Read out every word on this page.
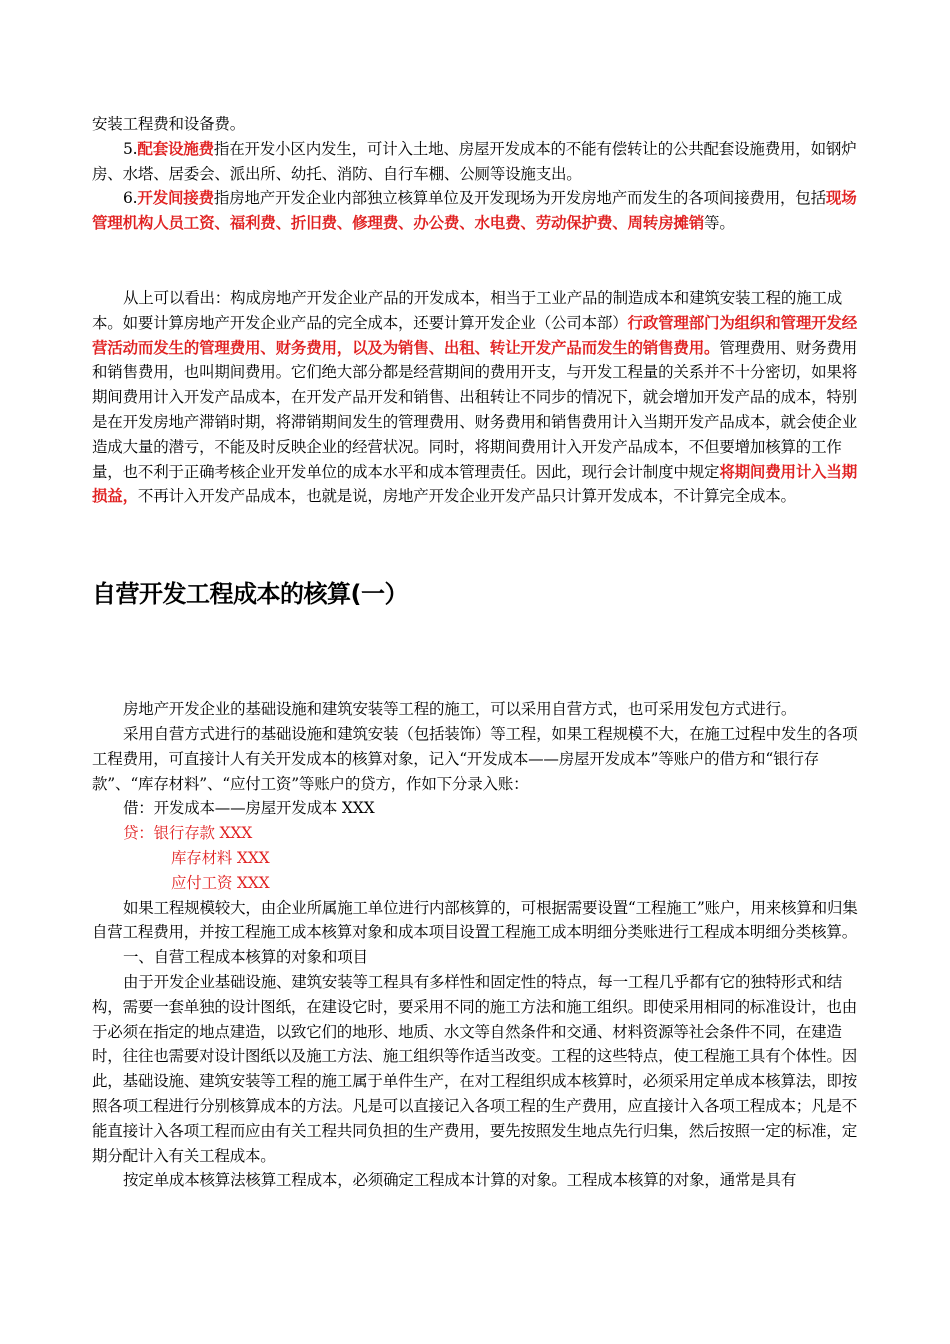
安装工程费和设备费。

5.配套设施费指在开发小区内发生，可计入土地、房屋开发成本的不能有偿转让的公共配套设施费用，如钢炉房、水塔、居委会、派出所、幼托、消防、自行车棚、公厕等设施支出。

6.开发间接费指房地产开发企业内部独立核算单位及开发现场为开发房地产而发生的各项间接费用，包括现场管理机构人员工资、福利费、折旧费、修理费、办公费、水电费、劳动保护费、周转房摊销等。

从上可以看出：构成房地产开发企业产品的开发成本，相当于工业产品的制造成本和建筑安装工程的施工成本。如要计算房地产开发企业产品的完全成本，还要计算开发企业（公司本部）行政管理部门为组织和管理开发经营活动而发生的管理费用、财务费用，以及为销售、出租、转让开发产品而发生的销售费用。管理费用、财务费用和销售费用，也叫期间费用。它们绝大部分都是经营期间的费用开支，与开发工程量的关系并不十分密切，如果将期间费用计入开发产品成本，在开发产品开发和销售、出租转让不同步的情况下，就会增加开发产品的成本，特别是在开发房地产滞销时期，将滞销期间发生的管理费用、财务费用和销售费用计入当期开发产品成本，就会使企业造成大量的潜亏，不能及时反映企业的经营状况。同时，将期间费用计入开发产品成本，不但要增加核算的工作量，也不利于正确考核企业开发单位的成本水平和成本管理责任。因此，现行会计制度中规定将期间费用计入当期损益，不再计入开发产品成本，也就是说，房地产开发企业开发产品只计算开发成本，不计算完全成本。

自营开发工程成本的核算(一）

房地产开发企业的基础设施和建筑安装等工程的施工，可以采用自营方式，也可采用发包方式进行。

采用自营方式进行的基础设施和建筑安装（包括装饰）等工程，如果工程规模不大，在施工过程中发生的各项工程费用，可直接计人有关开发成本的核算对象，记入“开发成本——房屋开发成本”等账户的借方和“银行存款”、“库存材料”、“应付工资”等账户的贷方，作如下分录入账：

借：开发成本——房屋开发成本 XXX

贷：银行存款 XXX

库存材料 XXX

应付工资 XXX

如果工程规模较大，由企业所属施工单位进行内部核算的，可根据需要设置“工程施工”账户，用来核算和归集自营工程费用，并按工程施工成本核算对象和成本项目设置工程施工成本明细分类账进行工程成本明细分类核算。

一、自营工程成本核算的对象和项目

由于开发企业基础设施、建筑安装等工程具有多样性和固定性的特点，每一工程几乎都有它的独特形式和结构，需要一套单独的设计图纸，在建设它时，要采用不同的施工方法和施工组织。即使采用相同的标准设计，也由于必须在指定的地点建造，以致它们的地形、地质、水文等自然条件和交通、材料资源等社会条件不同，在建造时，往往也需要对设计图纸以及施工方法、施工组织等作适当改变。工程的这些特点，使工程施工具有个体性。因此，基础设施、建筑安装等工程的施工属于单件生产，在对工程组织成本核算时，必须采用定单成本核算法，即按照各项工程进行分别核算成本的方法。凡是可以直接记入各项工程的生产费用，应直接计入各项工程成本；凡是不能直接计入各项工程而应由有关工程共同负担的生产费用，要先按照发生地点先行归集，然后按照一定的标准，定期分配计入有关工程成本。

按定单成本核算法核算工程成本，必须确定工程成本计算的对象。工程成本核算的对象，通常是具有
